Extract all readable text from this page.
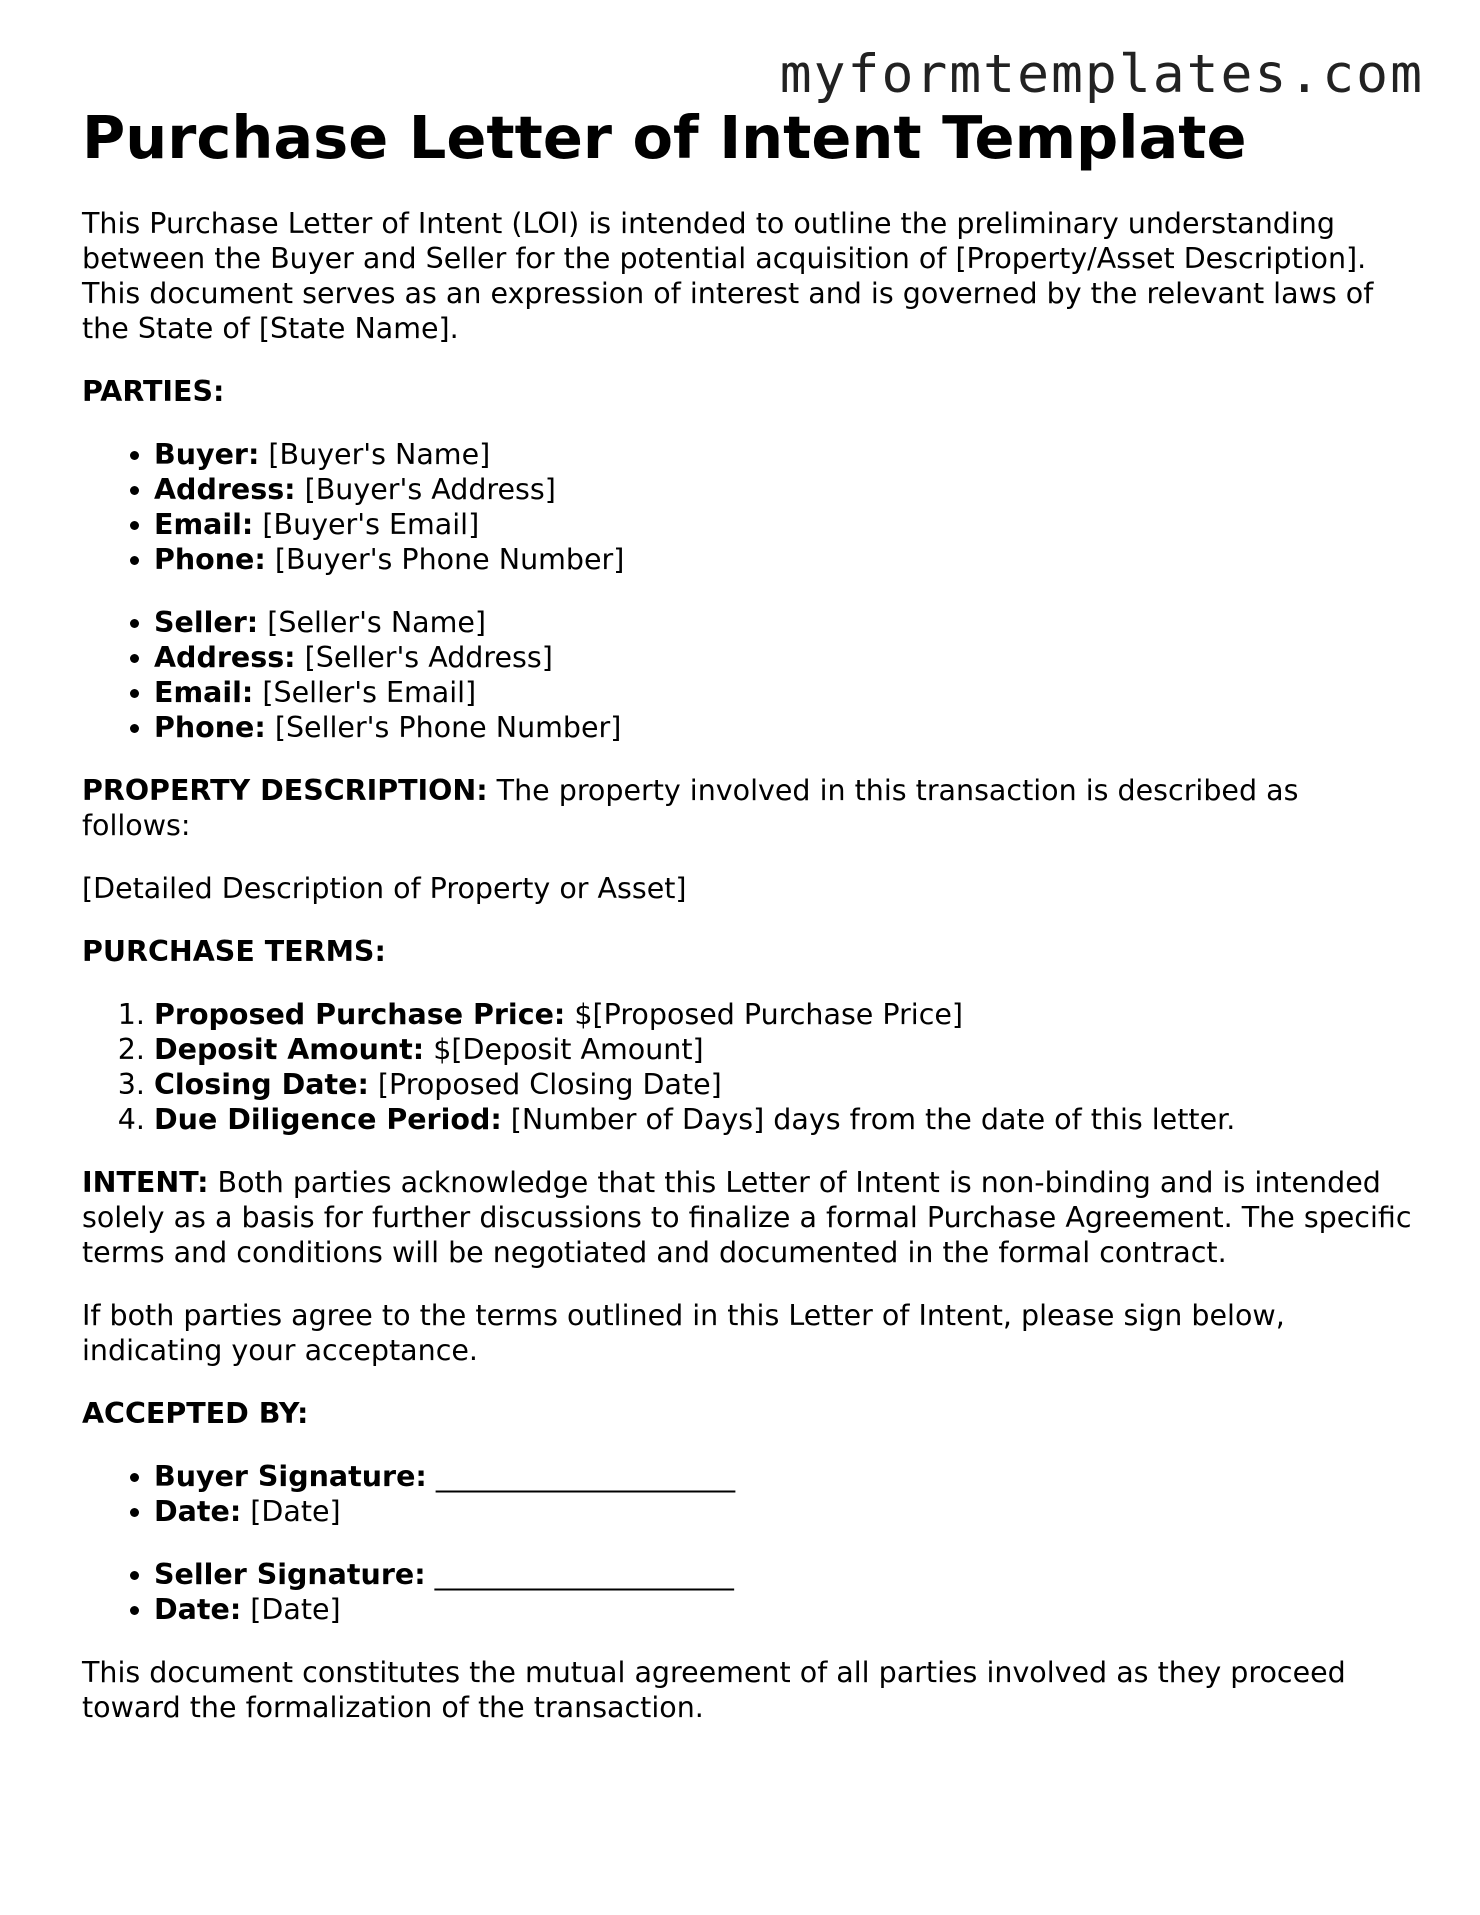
myformtemplates.com
Purchase Letter of Intent Template

This Purchase Letter of Intent (LOI) is intended to outline the preliminary understanding between the Buyer and Seller for the potential acquisition of [Property/Asset Description]. This document serves as an expression of interest and is governed by the relevant laws of the State of [State Name].

PARTIES:
• Buyer: [Buyer's Name]
• Address: [Buyer's Address]
• Email: [Buyer's Email]
• Phone: [Buyer's Phone Number]
• Seller: [Seller's Name]
• Address: [Seller's Address]
• Email: [Seller's Email]
• Phone: [Seller's Phone Number]

PROPERTY DESCRIPTION: The property involved in this transaction is described as follows:

[Detailed Description of Property or Asset]

PURCHASE TERMS:
1. Proposed Purchase Price: $[Proposed Purchase Price]
2. Deposit Amount: $[Deposit Amount]
3. Closing Date: [Proposed Closing Date]
4. Due Diligence Period: [Number of Days] days from the date of this letter.

INTENT: Both parties acknowledge that this Letter of Intent is non-binding and is intended solely as a basis for further discussions to finalize a formal Purchase Agreement. The specific terms and conditions will be negotiated and documented in the formal contract.

If both parties agree to the terms outlined in this Letter of Intent, please sign below, indicating your acceptance.

ACCEPTED BY:
• Buyer Signature: _____________________
• Date: [Date]
• Seller Signature: _____________________
• Date: [Date]

This document constitutes the mutual agreement of all parties involved as they proceed toward the formalization of the transaction.
